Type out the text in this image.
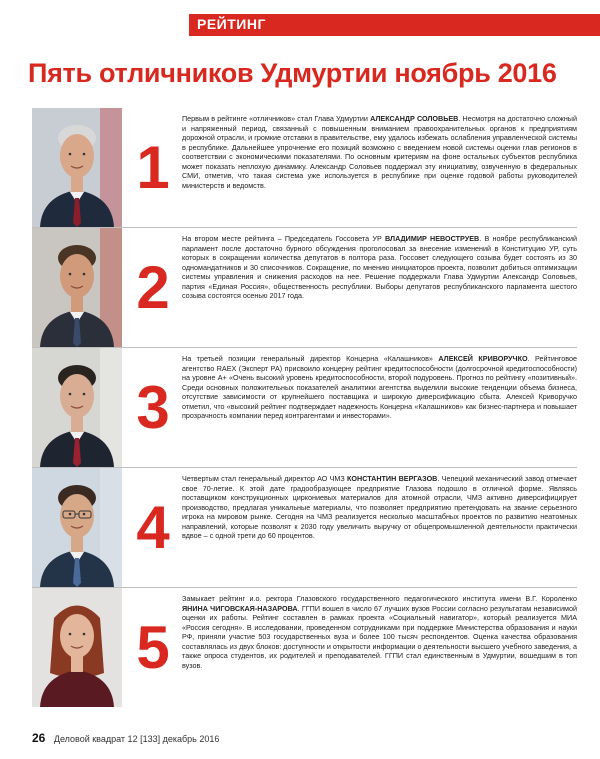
РЕЙТИНГ
Пять отличников Удмуртии ноябрь 2016
1
Первым в рейтинге «отличников» стал Глава Удмуртии АЛЕКСАНДР СОЛОВЬЕВ. Несмотря на достаточно сложный и напряженный период, связанный с повышенным вниманием правоохранительных органов к предприятиям дорожной отрасли, и громкие отставки в правительстве, ему удалось избежать ослабления управленческой системы в республике. Дальнейшее упрочнение его позиций возможно с введением новой системы оценки глав регионов в соответствии с экономическими показателями. По основным критериям на фоне остальных субъектов республика может показать неплохую динамику. Александр Соловьев поддержал эту инициативу, озвученную в федеральных СМИ, отметив, что такая система уже используется в республике при оценке годовой работы руководителей министерств и ведомств.
2
На втором месте рейтинга – Председатель Госсовета УР ВЛАДИМИР НЕВОСТРУЕВ. В ноябре республиканский парламент после достаточно бурного обсуждения проголосовал за внесение изменений в Конституцию УР, суть которых в сокращении количества депутатов в полтора раза. Госсовет следующего созыва будет состоять из 30 одномандатников и 30 списочников. Сокращение, по мнению инициаторов проекта, позволит добиться оптимизации системы управления и снижения расходов на нее. Решение поддержали Глава Удмуртии Александр Соловьев, партия «Единая Россия», общественность республики. Выборы депутатов республиканского парламента шестого созыва состоятся осенью 2017 года.
3
На третьей позиции генеральный директор Концерна «Калашников» АЛЕКСЕЙ КРИВОРУЧКО. Рейтинговое агентство RAEX (Эксперт РА) присвоило концерну рейтинг кредитоспособности (долгосрочной кредитоспособности) на уровне А+ «Очень высокий уровень кредитоспособности, второй подуровень. Прогноз по рейтингу «позитивный». Среди основных положительных показателей аналитики агентства выделили высокие тенденции объема бизнеса, отсутствие зависимости от крупнейшего поставщика и широкую диверсификацию сбыта. Алексей Криворучко отметил, что «высокий рейтинг подтверждает надежность Концерна «Калашников» как бизнес-партнера и повышает прозрачность компании перед контрагентами и инвесторами».
4
Четвертым стал генеральный директор АО ЧМЗ КОНСТАНТИН ВЕРГАЗОВ. Чепецкий механический завод отмечает свое 70-летие. К этой дате градообразующее предприятие Глазова подошло в отличной форме. Являясь поставщиком конструкционных циркониевых материалов для атомной отрасли, ЧМЗ активно диверсифицирует производство, предлагая уникальные материалы, что позволяет предприятию претендовать на звание серьезного игрока на мировом рынке. Сегодня на ЧМЗ реализуется несколько масштабных проектов по развитию неатомных направлений, которые позволят к 2030 году увеличить выручку от общепромышленной деятельности практически вдвое – с одной трети до 60 процентов.
5
Замыкает рейтинг и.о. ректора Глазовского государственного педагогического института имени В.Г. Короленко ЯНИНА ЧИГОВСКАЯ-НАЗАРОВА. ГГПИ вошел в число 67 лучших вузов России согласно результатам независимой оценки их работы. Рейтинг составлен в рамках проекта «Социальный навигатор», который реализуется МИА «Россия сегодня». В исследовании, проведенном сотрудниками при поддержке Министерства образования и науки РФ, приняли участие 503 государственных вуза и более 100 тысяч респондентов. Оценка качества образования составлялась из двух блоков: доступности и открытости информации о деятельности высшего учебного заведения, а также опроса студентов, их родителей и преподавателей. ГГПИ стал единственным в Удмуртии, вошедшим в топ вузов.
26 Деловой квадрат 12 [133] декабрь 2016
